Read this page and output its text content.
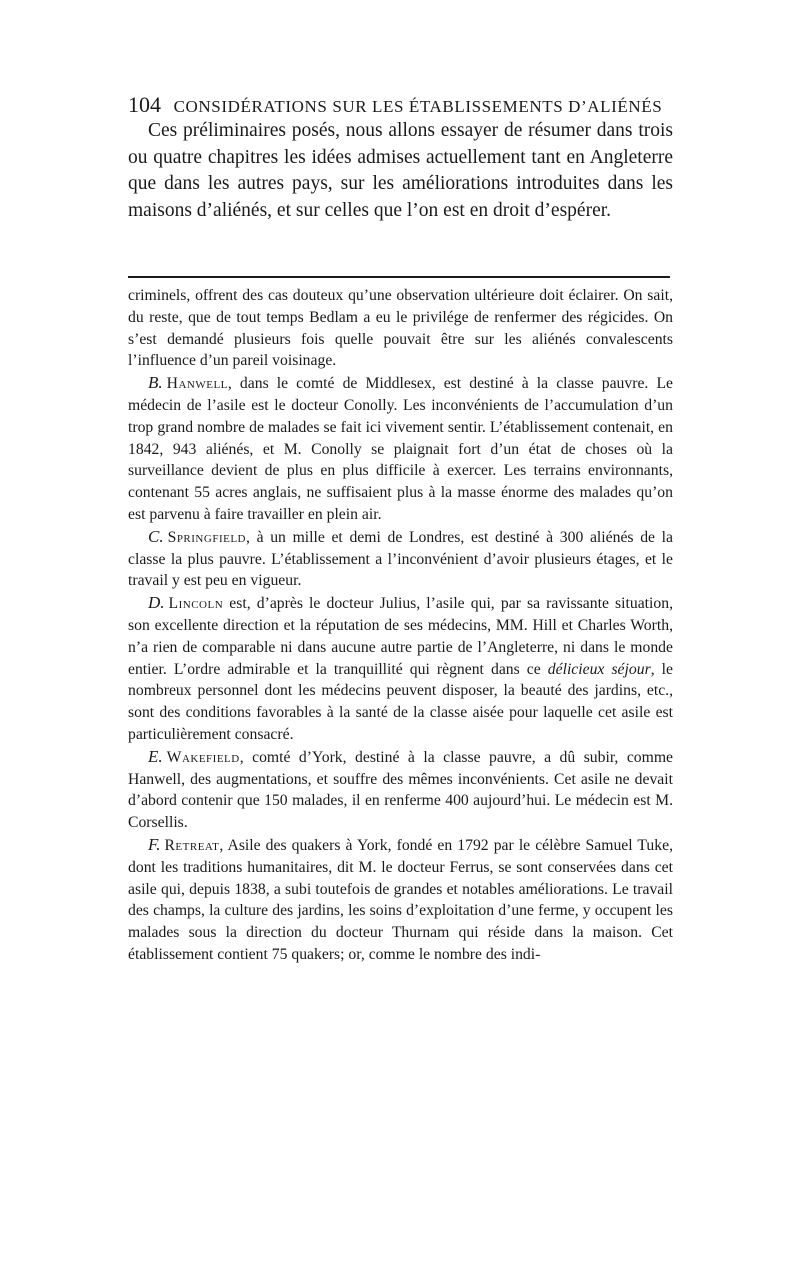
104 CONSIDÉRATIONS SUR LES ÉTABLISSEMENTS D’ALIÉNÉS

Ces préliminaires posés, nous allons essayer de résumer dans trois ou quatre chapitres les idées admises actuellement tant en Angleterre que dans les autres pays, sur les améliorations introduites dans les maisons d’aliénés, et sur celles que l’on est en droit d’espérer.

criminels, offrent des cas douteux qu’une observation ultérieure doit éclairer. On sait, du reste, que de tout temps Bedlam a eu le privilége de renfermer des régicides. On s’est demandé plusieurs fois quelle pouvait être sur les aliénés convalescents l’influence d’un pareil voisinage.

B. Hanwell, dans le comté de Middlesex, est destiné à la classe pauvre. Le médecin de l’asile est le docteur Conolly. Les inconvénients de l’accumulation d’un trop grand nombre de malades se fait ici vivement sentir. L’établissement contenait, en 1842, 943 aliénés, et M. Conolly se plaignait fort d’un état de choses où la surveillance devient de plus en plus difficile à exercer. Les terrains environnants, contenant 55 acres anglais, ne suffisaient plus à la masse énorme des malades qu’on est parvenu à faire travailler en plein air.

C. Springfield, à un mille et demi de Londres, est destiné à 300 aliénés de la classe la plus pauvre. L’établissement a l’inconvénient d’avoir plusieurs étages, et le travail y est peu en vigueur.

D. Lincoln est, d’après le docteur Julius, l’asile qui, par sa ravissante situation, son excellente direction et la réputation de ses médecins, MM. Hill et Charles Worth, n’a rien de comparable ni dans aucune autre partie de l’Angleterre, ni dans le monde entier. L’ordre admirable et la tranquillité qui règnent dans ce délicieux séjour, le nombreux personnel dont les médecins peuvent disposer, la beauté des jardins, etc., sont des conditions favorables à la santé de la classe aisée pour laquelle cet asile est particulièrement consacré.

E. Wakefield, comté d’York, destiné à la classe pauvre, a dû subir, comme Hanwell, des augmentations, et souffre des mêmes inconvénients. Cet asile ne devait d’abord contenir que 150 malades, il en renferme 400 aujourd’hui. Le médecin est M. Corsellis.

F. Retreat, Asile des quakers à York, fondé en 1792 par le célèbre Samuel Tuke, dont les traditions humanitaires, dit M. le docteur Ferrus, se sont conservées dans cet asile qui, depuis 1838, a subi toutefois de grandes et notables améliorations. Le travail des champs, la culture des jardins, les soins d’exploitation d’une ferme, y occupent les malades sous la direction du docteur Thurnam qui réside dans la maison. Cet établissement contient 75 quakers; or, comme le nombre des indi-
